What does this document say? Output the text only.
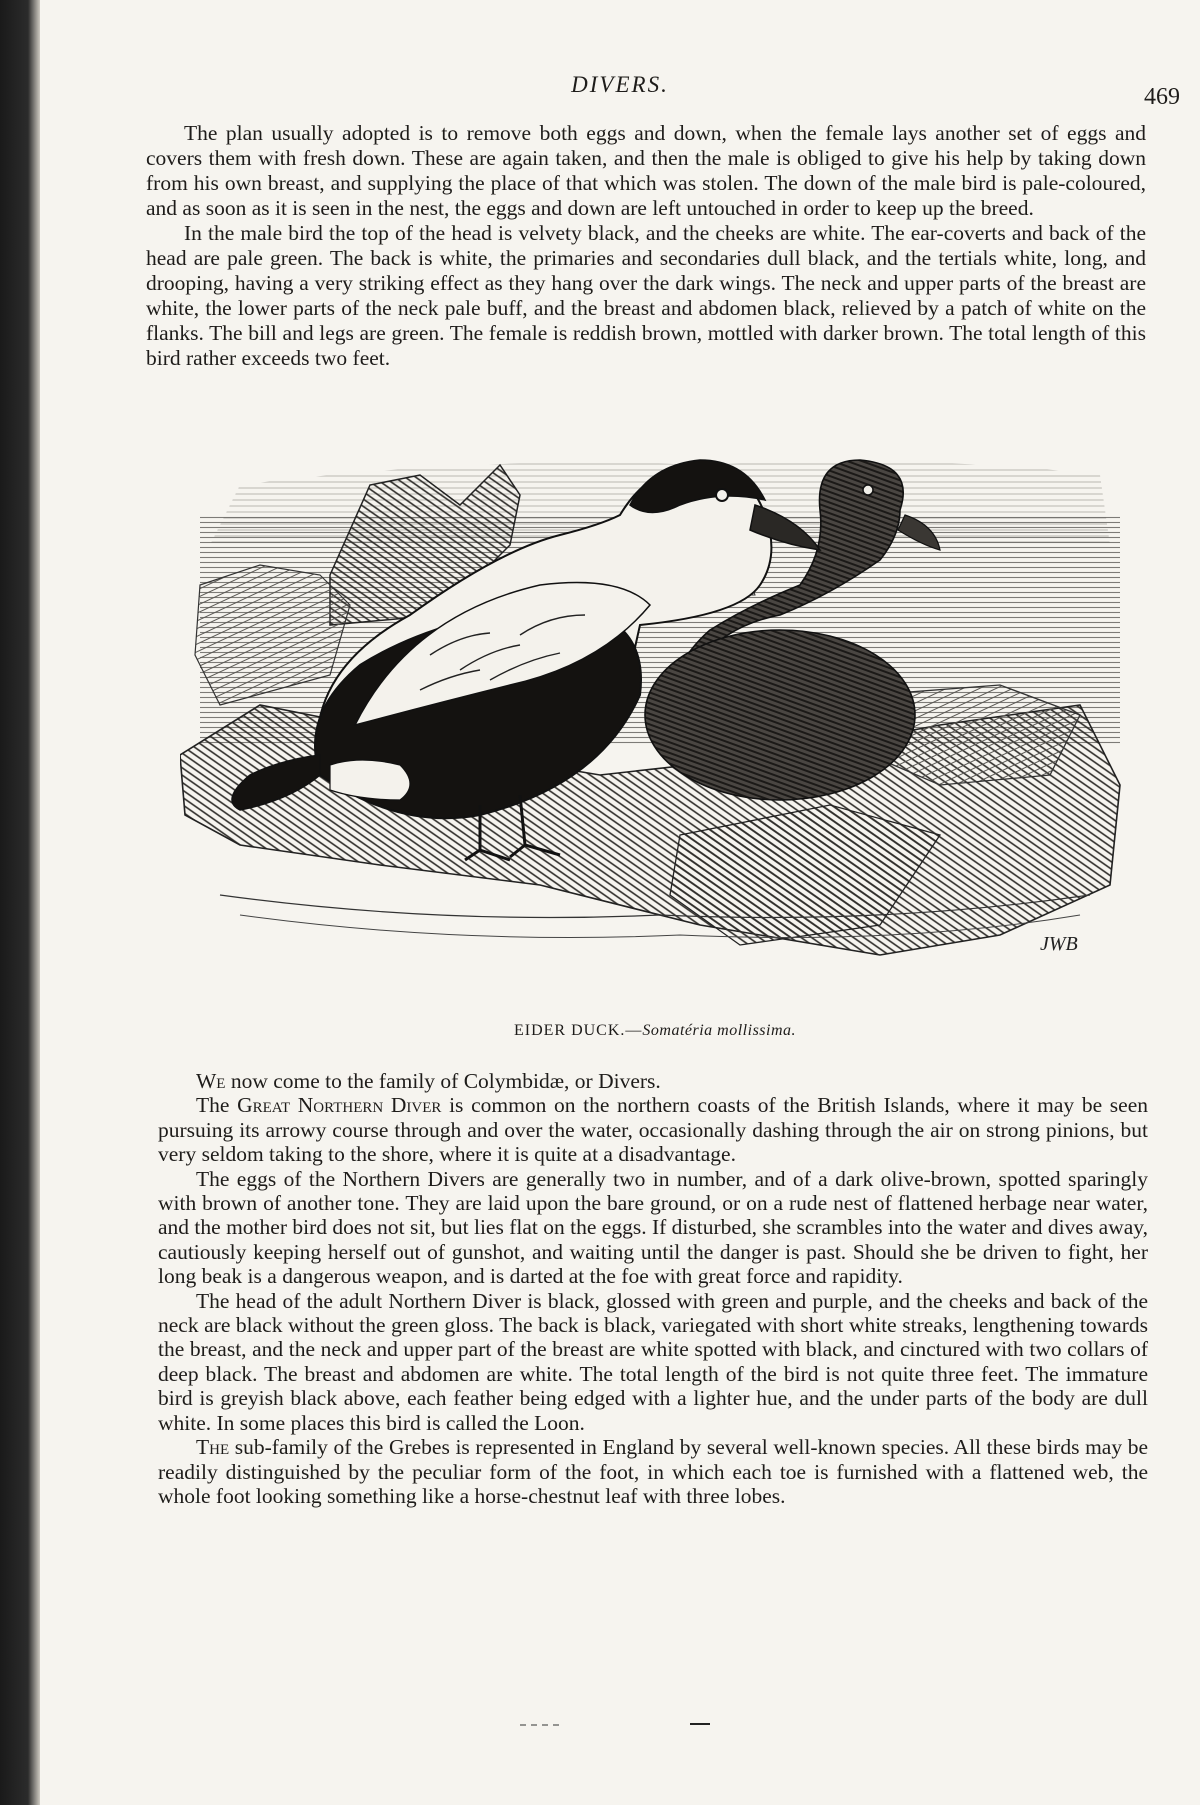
DIVERS.	469

The plan usually adopted is to remove both eggs and down, when the female lays another set of eggs and covers them with fresh down. These are again taken, and then the male is obliged to give his help by taking down from his own breast, and supplying the place of that which was stolen. The down of the male bird is pale-coloured, and as soon as it is seen in the nest, the eggs and down are left untouched in order to keep up the breed.

In the male bird the top of the head is velvety black, and the cheeks are white. The ear-coverts and back of the head are pale green. The back is white, the primaries and secondaries dull black, and the tertials white, long, and drooping, having a very striking effect as they hang over the dark wings. The neck and upper parts of the breast are white, the lower parts of the neck pale buff, and the breast and abdomen black, relieved by a patch of white on the flanks. The bill and legs are green. The female is reddish brown, mottled with darker brown. The total length of this bird rather exceeds two feet.

JWB
EIDER DUCK.—Somatéria mollissima.

We now come to the family of Colymbidæ, or Divers.

The Great Northern Diver is common on the northern coasts of the British Islands, where it may be seen pursuing its arrowy course through and over the water, occasionally dashing through the air on strong pinions, but very seldom taking to the shore, where it is quite at a disadvantage.

The eggs of the Northern Divers are generally two in number, and of a dark olive-brown, spotted sparingly with brown of another tone. They are laid upon the bare ground, or on a rude nest of flattened herbage near water, and the mother bird does not sit, but lies flat on the eggs. If disturbed, she scrambles into the water and dives away, cautiously keeping herself out of gunshot, and waiting until the danger is past. Should she be driven to fight, her long beak is a dangerous weapon, and is darted at the foe with great force and rapidity.

The head of the adult Northern Diver is black, glossed with green and purple, and the cheeks and back of the neck are black without the green gloss. The back is black, variegated with short white streaks, lengthening towards the breast, and the neck and upper part of the breast are white spotted with black, and cinctured with two collars of deep black. The breast and abdomen are white. The total length of the bird is not quite three feet. The immature bird is greyish black above, each feather being edged with a lighter hue, and the under parts of the body are dull white. In some places this bird is called the Loon.

The sub-family of the Grebes is represented in England by several well-known species. All these birds may be readily distinguished by the peculiar form of the foot, in which each toe is furnished with a flattened web, the whole foot looking something like a horse-chestnut leaf with three lobes.
